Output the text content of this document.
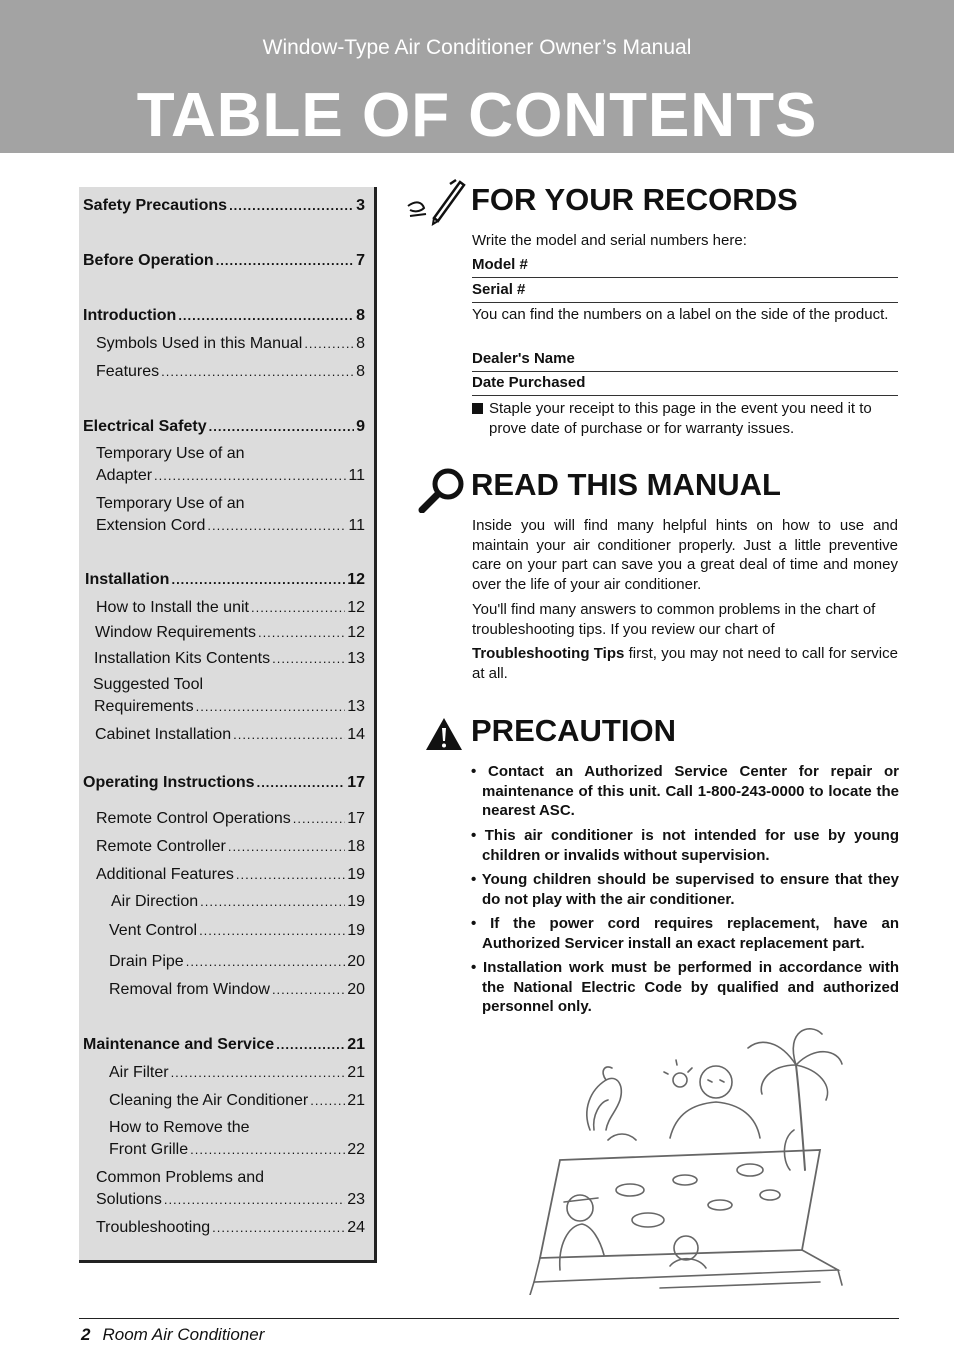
Window-Type Air Conditioner Owner’s Manual
TABLE OF CONTENTS
Safety Precautions .....	3
Before Operation .....	7
Introduction .....	8
Symbols Used in this Manual .....	8
Features .....	8
Electrical Safety .....	9
Temporary Use of an
Adapter .....	11
Temporary Use of an
Extension Cord .....	11
Installation .....	12
How to Install the unit .....	12
Window Requirements .....	12
Installation Kits Contents .....	13
Suggested Tool
Requirements .....	13
Cabinet Installation .....	14
Operating Instructions .....	17
Remote Control Operations .....	17
Remote Controller .....	18
Additional Features .....	19
Air Direction .....	19
Vent Control .....	19
Drain Pipe .....	20
Removal from Window .....	20
Maintenance and Service .....	21
Air Filter .....	21
Cleaning the Air Conditioner ..... 21
How to Remove the
Front Grille .....	22
Common Problems and
Solutions .....	23
Troubleshooting .....	24
FOR YOUR RECORDS
Write the model and serial numbers here:
Model #
Serial #
You can find the numbers on a label on the side of the product.
Dealer's Name
Date Purchased
Staple your receipt to this page in the event you need it to prove date of purchase or for warranty issues.
READ THIS MANUAL
Inside you will find many helpful hints on how to use and maintain your air conditioner properly. Just a little preventive care on your part can save you a great deal of time and money over the life of your air conditioner.
You'll find many answers to common problems in the chart of troubleshooting tips. If you review our chart of
Troubleshooting Tips first, you may not need to call for service at all.
PRECAUTION
• Contact an Authorized Service Center for repair or maintenance of this unit. Call 1-800-243-0000 to locate the nearest ASC.
• This air conditioner is not intended for use by young children or invalids without supervision.
• Young children should be supervised to ensure that they do not play with the air conditioner.
• If the power cord requires replacement, have an Authorized Servicer install an exact replacement part.
• Installation work must be performed in accordance with the National Electric Code by qualified and authorized personnel only.
2 Room Air Conditioner
